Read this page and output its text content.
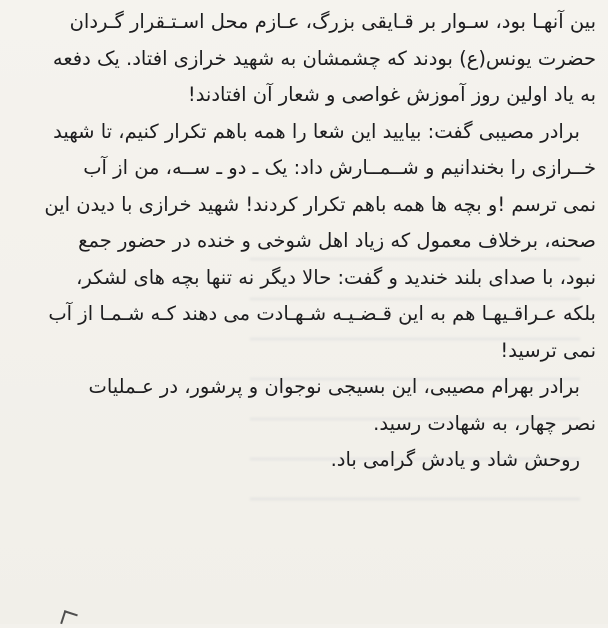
بین آنهـا بود، سـوار بر قـایقی بزرگ، عـازم محل اسـتـقرار گـردان
حضرت یونس(ع) بودند که چشمشان به شهید خرازی افتاد. یک دفعه
به یاد اولین روز آموزش غواصی و شعار آن افتادند!
برادر مصیبی گفت: بیایید این شعا را همه باهم تکرار کنیم، تا شهید
خــرازی را بخندانیم و شــمــارش داد: یک ـ دو ـ ســه، من از آب
نمی ترسم !و بچه ها همه باهم تکرار کردند! شهید خرازی با دیدن این
صحنه، برخلاف معمول که زیاد اهل شوخی و خنده در حضور جمع
نبود، با صدای بلند خندید و گفت: حالا دیگر نه تنها بچه های لشکر،
بلکه عـراقـیهـا هم به این قـضـیـه شـهـادت می دهند کـه شـمـا از آب
نمی ترسید!
برادر بهرام مصیبی، این بسیجی نوجوان و پرشور، در عـملیات
نصر چهار، به شهادت رسید.
روحش شاد و یادش گرامی باد.
